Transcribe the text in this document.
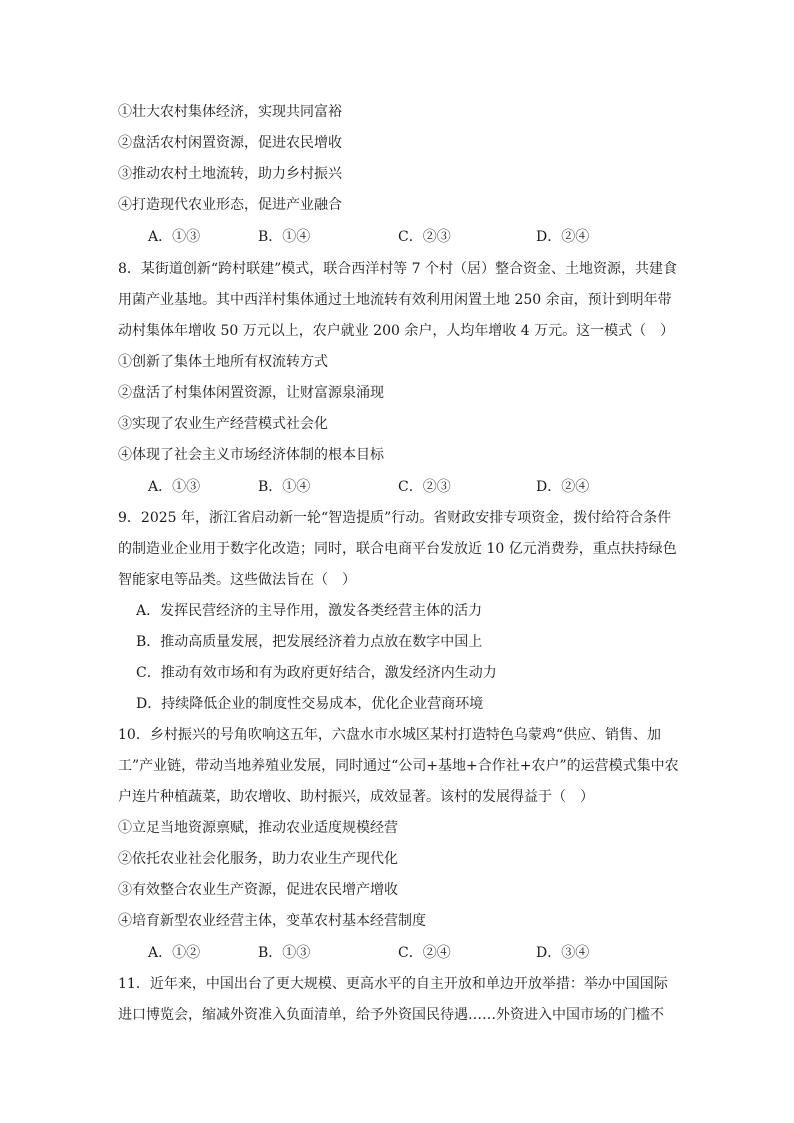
①壮大农村集体经济，实现共同富裕
②盘活农村闲置资源，促进农民增收
③推动农村土地流转，助力乡村振兴
④打造现代农业形态，促进产业融合
A．①③	B．①④	C．②③	D．②④
8．某街道创新“跨村联建”模式，联合西洋村等 7 个村（居）整合资金、土地资源，共建食
用菌产业基地。其中西洋村集体通过土地流转有效利用闲置土地 250 余亩，预计到明年带
动村集体年增收 50 万元以上，农户就业 200 余户，人均年增收 4 万元。这一模式（　）
①创新了集体土地所有权流转方式
②盘活了村集体闲置资源，让财富源泉涌现
③实现了农业生产经营模式社会化
④体现了社会主义市场经济体制的根本目标
A．①③	B．①④	C．②③	D．②④
9．2025 年，浙江省启动新一轮“智造提质”行动。省财政安排专项资金，拨付给符合条件
的制造业企业用于数字化改造；同时，联合电商平台发放近 10 亿元消费券，重点扶持绿色
智能家电等品类。这些做法旨在（　）
A．发挥民营经济的主导作用，激发各类经营主体的活力
B．推动高质量发展，把发展经济着力点放在数字中国上
C．推动有效市场和有为政府更好结合，激发经济内生动力
D．持续降低企业的制度性交易成本，优化企业营商环境
10．乡村振兴的号角吹响这五年，六盘水市水城区某村打造特色乌蒙鸡“供应、销售、加
工”产业链，带动当地养殖业发展，同时通过“公司+基地+合作社+农户”的运营模式集中农
户连片种植蔬菜，助农增收、助村振兴，成效显著。该村的发展得益于（　）
①立足当地资源禀赋，推动农业适度规模经营
②依托农业社会化服务，助力农业生产现代化
③有效整合农业生产资源，促进农民增产增收
④培育新型农业经营主体，变革农村基本经营制度
A．①②	B．①③	C．②④	D．③④
11．近年来，中国出台了更大规模、更高水平的自主开放和单边开放举措：举办中国国际
进口博览会，缩减外资准入负面清单，给予外资国民待遇……外资进入中国市场的门槛不
